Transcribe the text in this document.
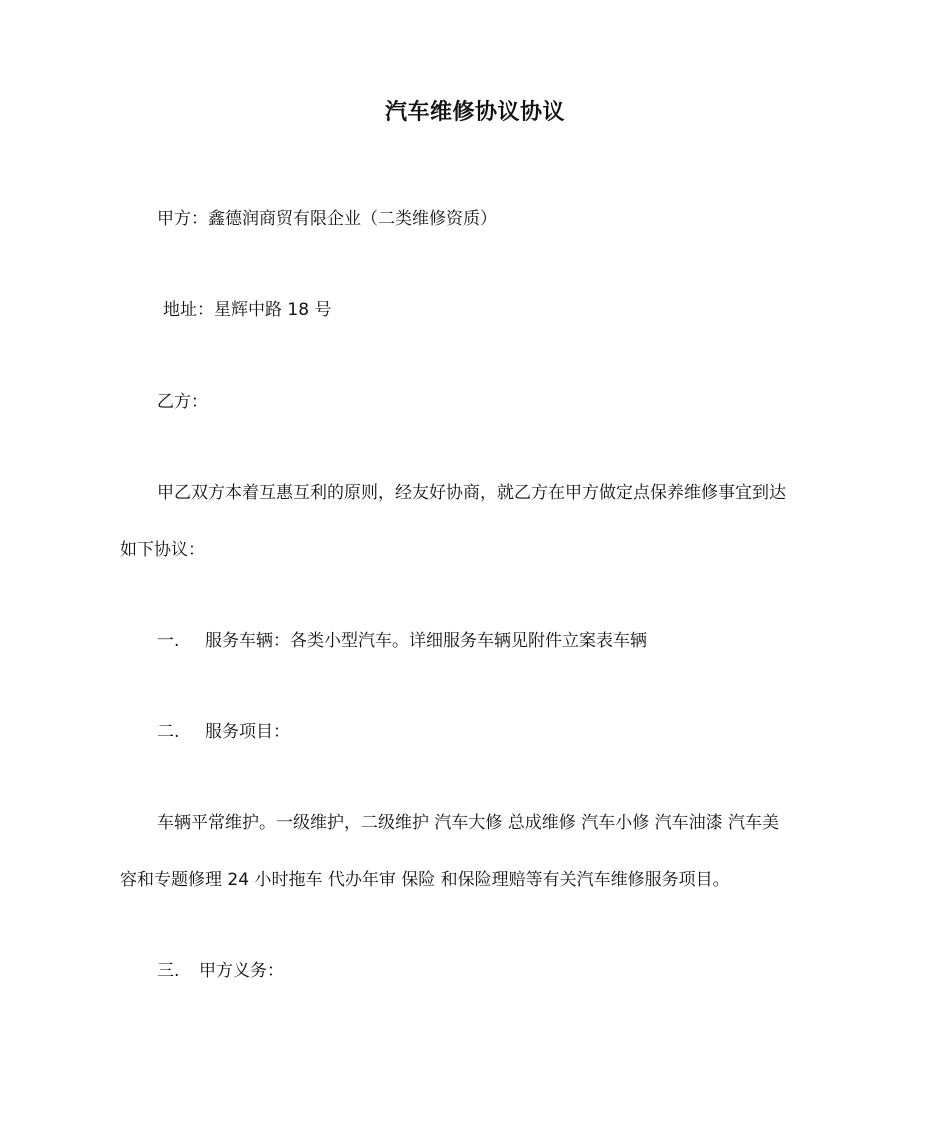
汽车维修协议协议
甲方：鑫德润商贸有限企业（二类维修资质）
地址：星辉中路 18 号
乙方：
甲乙双方本着互惠互利的原则，经友好协商，就乙方在甲方做定点保养维修事宜到达
如下协议：
一. 服务车辆：各类小型汽车。详细服务车辆见附件立案表车辆
二. 服务项目：
车辆平常维护。一级维护，二级维护 汽车大修 总成维修 汽车小修 汽车油漆 汽车美
容和专题修理 24 小时拖车 代办年审 保险 和保险理赔等有关汽车维修服务项目。
三. 甲方义务：
